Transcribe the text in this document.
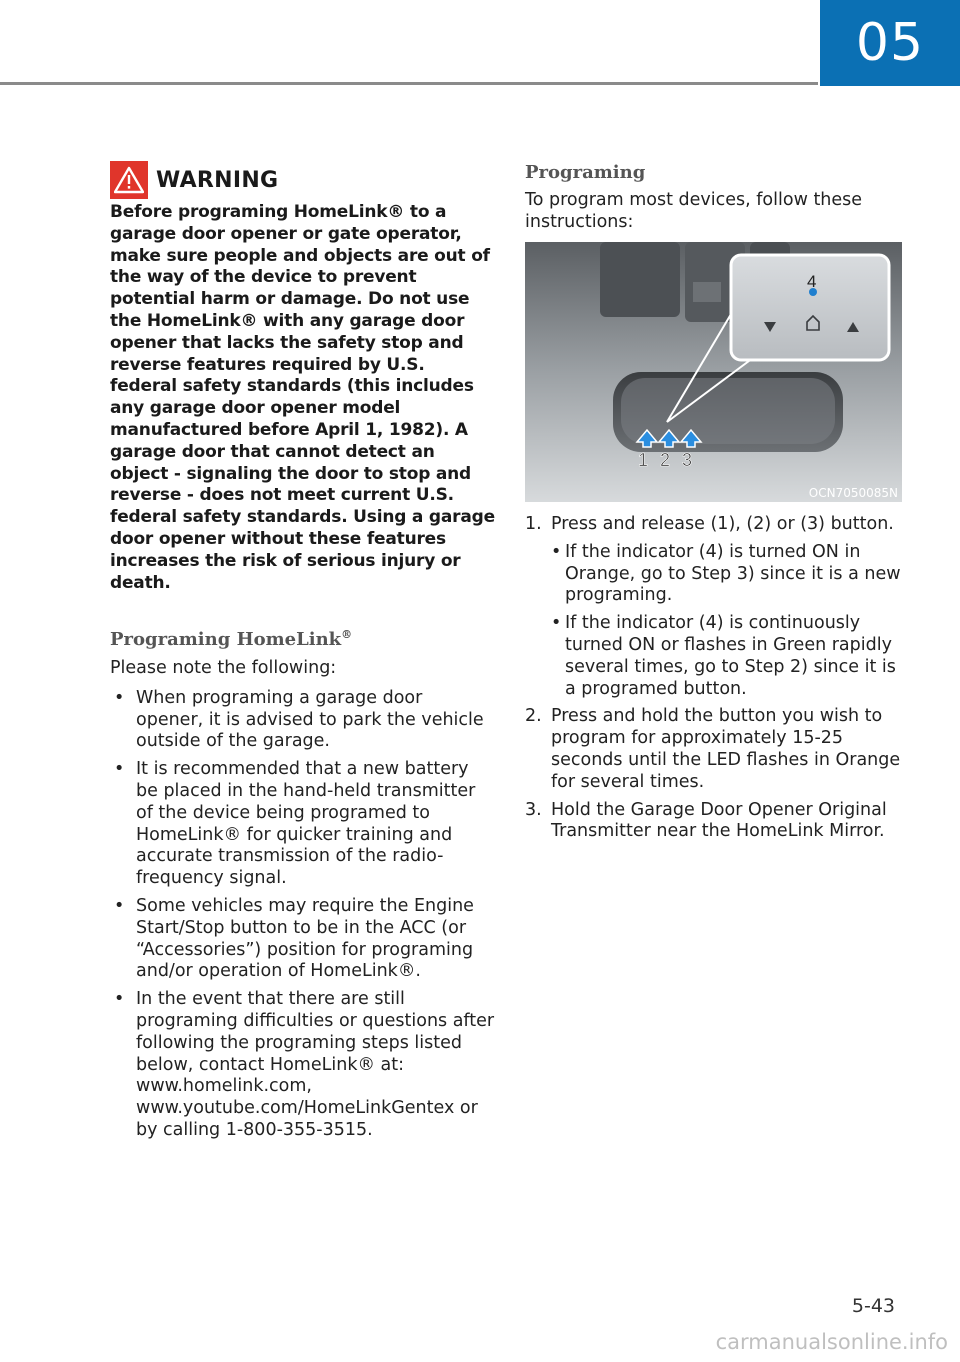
05
WARNING

Before programing HomeLink® to a garage door opener or gate operator, make sure people and objects are out of the way of the device to prevent potential harm or damage. Do not use the HomeLink® with any garage door opener that lacks the safety stop and reverse features required by U.S. federal safety standards (this includes any garage door opener model manufactured before April 1, 1982). A garage door that cannot detect an object - signaling the door to stop and reverse - does not meet current U.S. federal safety standards. Using a garage door opener without these features increases the risk of serious injury or death.

Programing HomeLink®

Please note the following:

• When programing a garage door opener, it is advised to park the vehicle outside of the garage.
• It is recommended that a new battery be placed in the hand-held transmitter of the device being programed to HomeLink® for quicker training and accurate transmission of the radio-frequency signal.
• Some vehicles may require the Engine Start/Stop button to be in the ACC (or “Accessories”) position for programing and/or operation of HomeLink®.
• In the event that there are still programing difficulties or questions after following the programing steps listed below, contact HomeLink® at: www.homelink.com, www.youtube.com/HomeLinkGentex or by calling 1-800-355-3515.
Programing

To program most devices, follow these instructions:

1 2 3
4
OCN7050085N
1. Press and release (1), (2) or (3) button.
• If the indicator (4) is turned ON in Orange, go to Step 3) since it is a new programing.
• If the indicator (4) is continuously turned ON or flashes in Green rapidly several times, go to Step 2) since it is a programed button.
2. Press and hold the button you wish to program for approximately 15-25 seconds until the LED flashes in Orange for several times.
3. Hold the Garage Door Opener Original Transmitter near the HomeLink Mirror.
5-43
carmanualsonline.info
